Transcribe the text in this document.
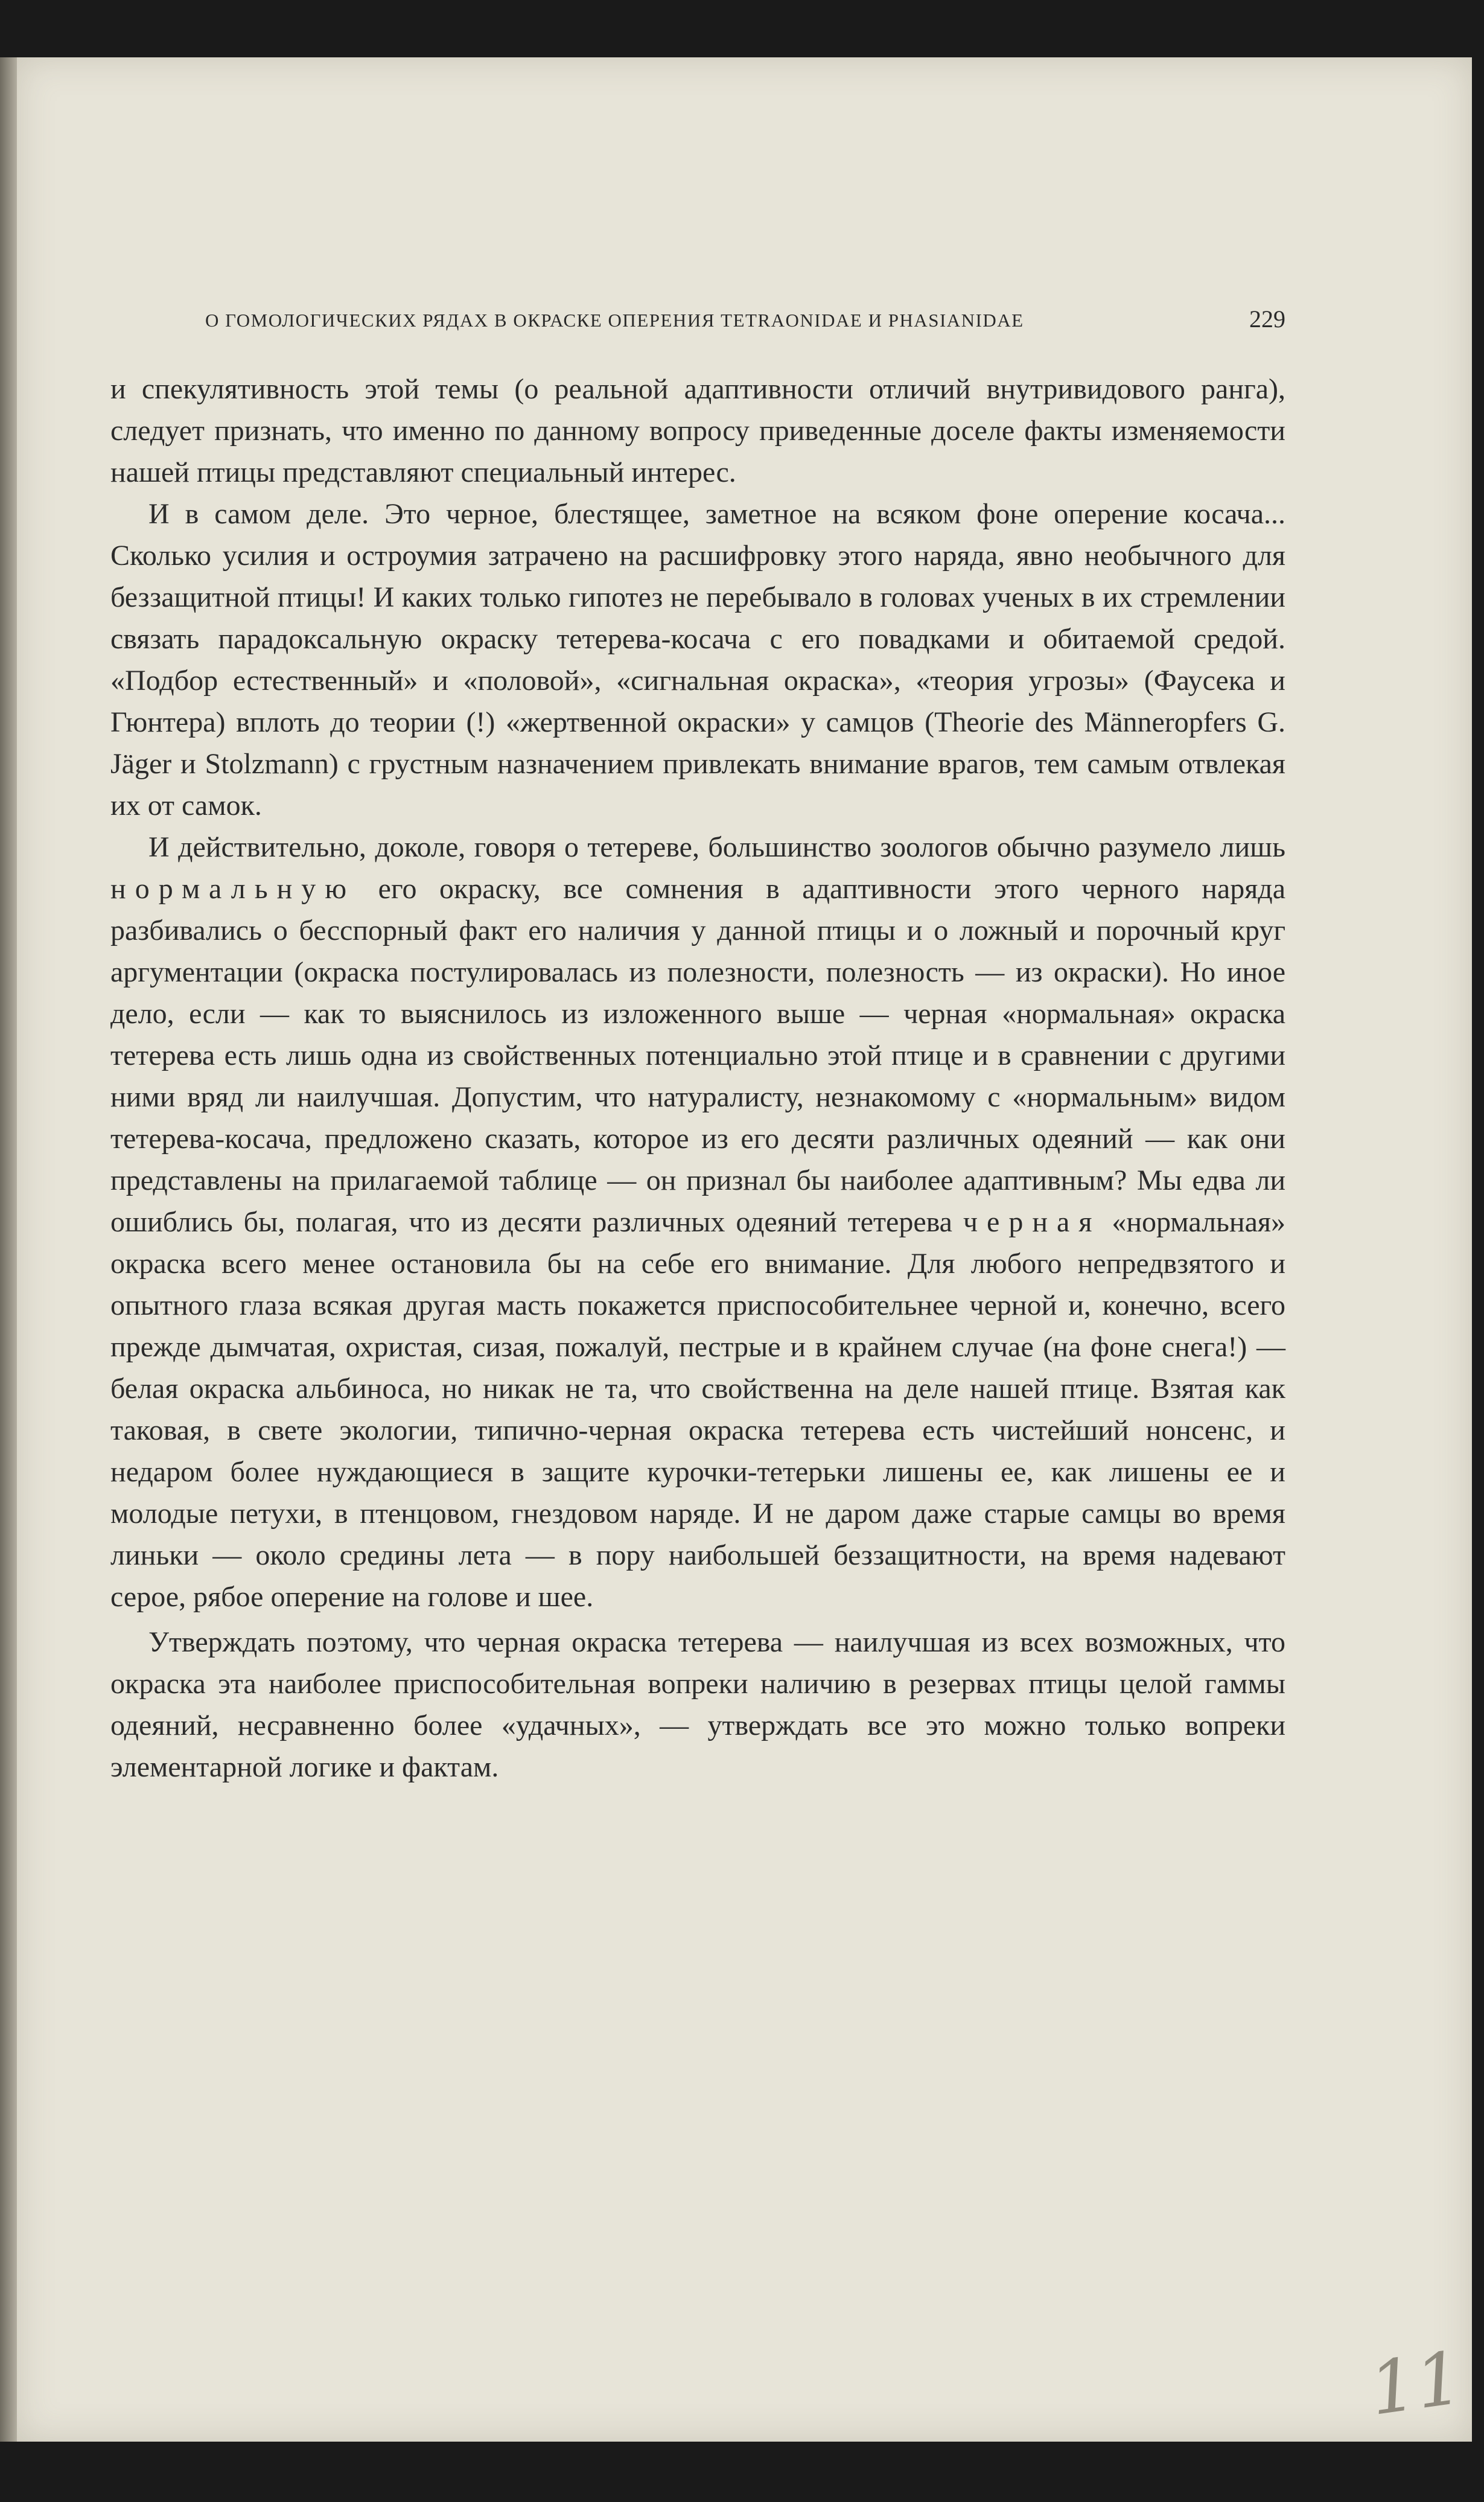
О ГОМОЛОГИЧЕСКИХ РЯДАХ В ОКРАСКЕ ОПЕРЕНИЯ TETRAONIDAE И PHASIANIDAE	229

и спекулятивность этой темы (о реальной адаптивности отличий внутривидового ранга), следует признать, что именно по данному вопросу приведенные доселе факты изменяемости нашей птицы представляют специальный интерес.

И в самом деле. Это черное, блестящее, заметное на всяком фоне оперение косача... Сколько усилия и остроумия затрачено на расшифровку этого наряда, явно необычного для беззащитной птицы! И каких только гипотез не перебывало в головах ученых в их стремлении связать парадоксальную окраску тетерева-косача с его повадками и обитаемой средой. «Подбор естественный» и «половой», «сигнальная окраска», «теория угрозы» (Фаусека и Гюнтера) вплоть до теории (!) «жертвенной окраски» у самцов (Theorie des Männeropfers G. Jäger и Stolzmann) с грустным назначением привлекать внимание врагов, тем самым отвлекая их от самок.

И действительно, доколе, говоря о тетереве, большинство зоологов обычно разумело лишь нормальную его окраску, все сомнения в адаптивности этого черного наряда разбивались о бесспорный факт его наличия у данной птицы и о ложный и порочный круг аргументации (окраска постулировалась из полезности, полезность — из окраски). Но иное дело, если — как то выяснилось из изложенного выше — черная «нормальная» окраска тетерева есть лишь одна из свойственных потенциально этой птице и в сравнении с другими ними вряд ли наилучшая. Допустим, что натуралисту, незнакомому с «нормальным» видом тетерева-косача, предложено сказать, которое из его десяти различных одеяний — как они представлены на прилагаемой таблице — он признал бы наиболее адаптивным? Мы едва ли ошиблись бы, полагая, что из десяти различных одеяний тетерева черная «нормальная» окраска всего менее остановила бы на себе его внимание. Для любого непредвзятого и опытного глаза всякая другая масть покажется приспособительнее черной и, конечно, всего прежде дымчатая, охристая, сизая, пожалуй, пестрые и в крайнем случае (на фоне снега!) — белая окраска альбиноса, но никак не та, что свойственна на деле нашей птице. Взятая как таковая, в свете экологии, типично-черная окраска тетерева есть чистейший нонсенс, и недаром более нуждающиеся в защите курочки-тетерьки лишены ее, как лишены ее и молодые петухи, в птенцовом, гнездовом наряде. И не даром даже старые самцы во время линьки — около средины лета — в пору наибольшей беззащитности, на время надевают серое, рябое оперение на голове и шее.

Утверждать поэтому, что черная окраска тетерева — наилучшая из всех возможных, что окраска эта наиболее приспособительная вопреки наличию в резервах птицы целой гаммы одеяний, несравненно более «удачных», — утверждать все это можно только вопреки элементарной логике и фактам.

11
